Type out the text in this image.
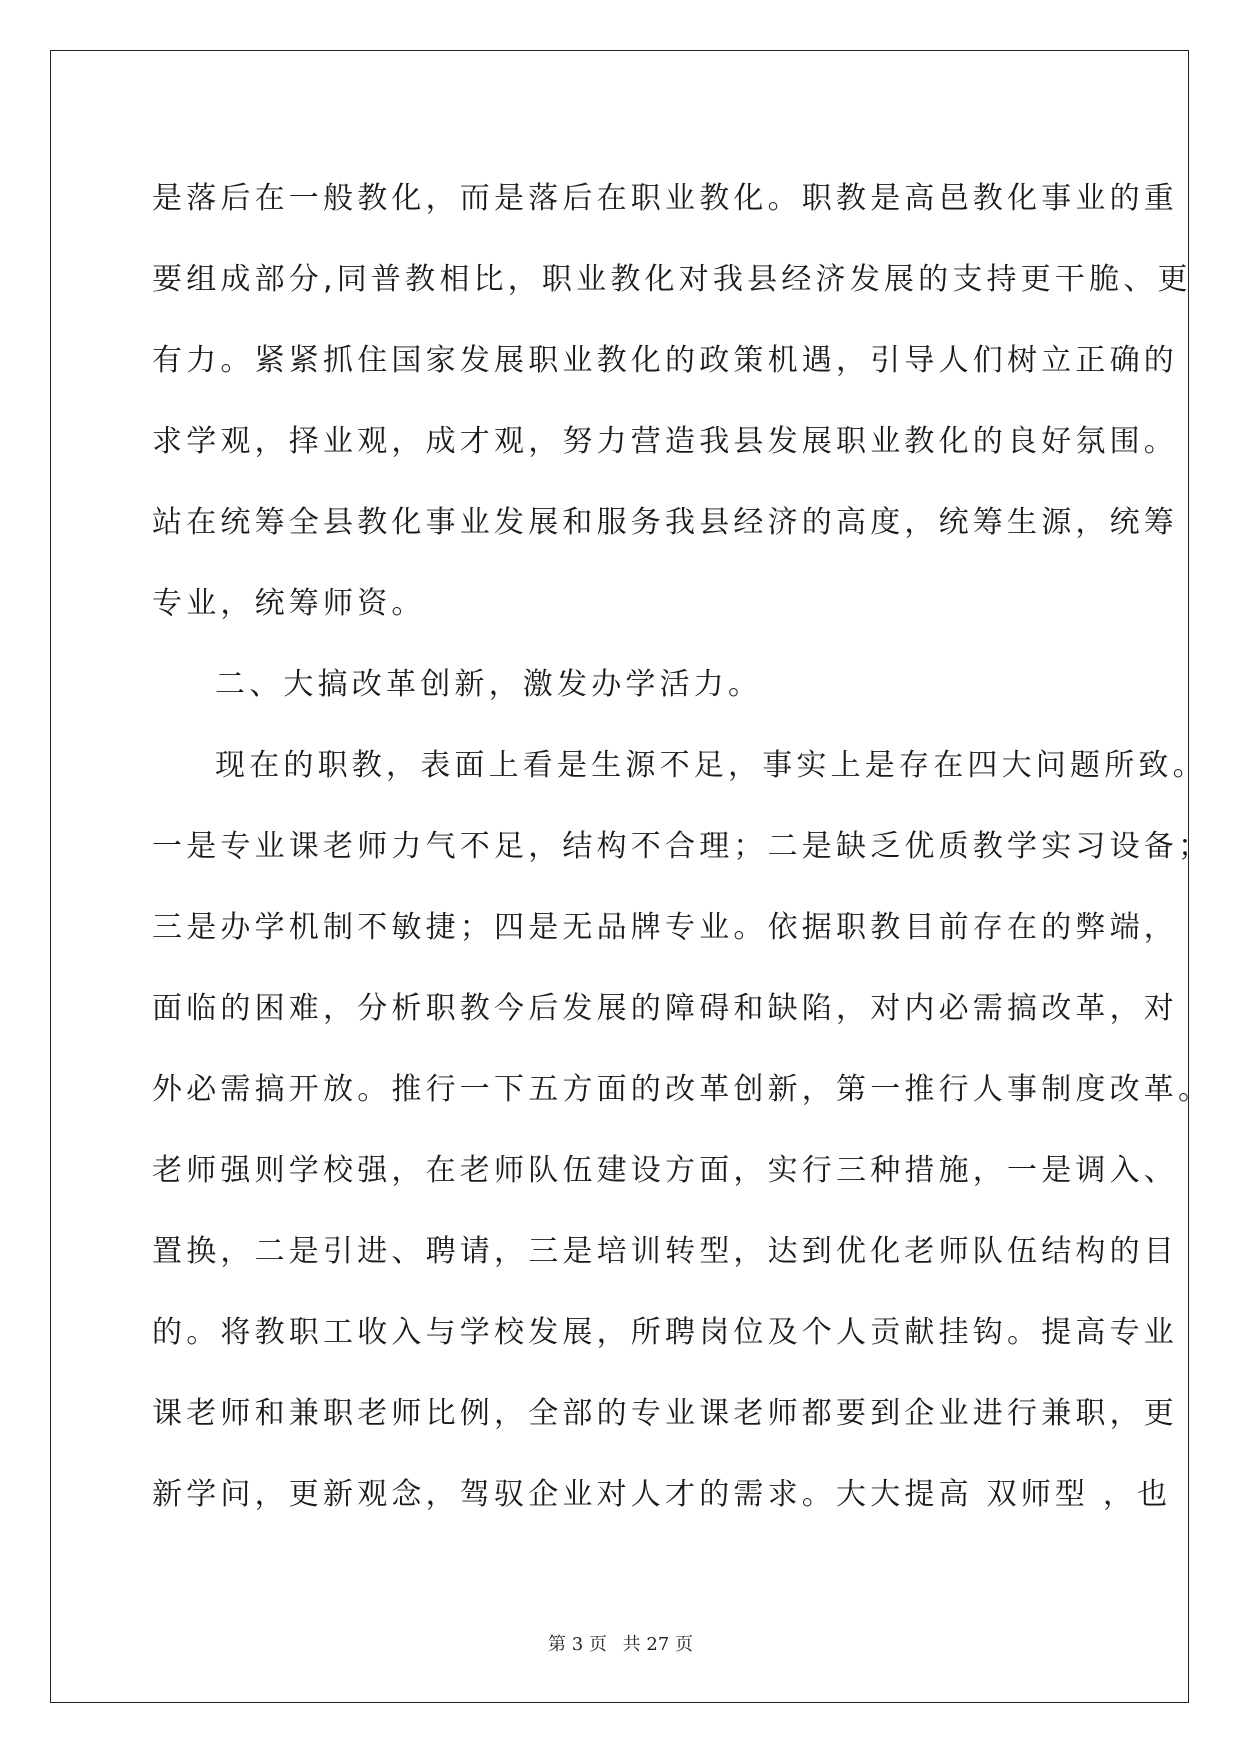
是落后在一般教化，而是落后在职业教化。职教是高邑教化事业的重
要组成部分,同普教相比，职业教化对我县经济发展的支持更干脆、更
有力。紧紧抓住国家发展职业教化的政策机遇，引导人们树立正确的
求学观，择业观，成才观，努力营造我县发展职业教化的良好氛围。
站在统筹全县教化事业发展和服务我县经济的高度，统筹生源，统筹
专业，统筹师资。
二、大搞改革创新，激发办学活力。
现在的职教，表面上看是生源不足，事实上是存在四大问题所致。
一是专业课老师力气不足，结构不合理；二是缺乏优质教学实习设备；
三是办学机制不敏捷；四是无品牌专业。依据职教目前存在的弊端，
面临的困难，分析职教今后发展的障碍和缺陷，对内必需搞改革，对
外必需搞开放。推行一下五方面的改革创新，第一推行人事制度改革。
老师强则学校强，在老师队伍建设方面，实行三种措施，一是调入、
置换，二是引进、聘请，三是培训转型，达到优化老师队伍结构的目
的。将教职工收入与学校发展，所聘岗位及个人贡献挂钩。提高专业
课老师和兼职老师比例，全部的专业课老师都要到企业进行兼职，更
新学问，更新观念，驾驭企业对人才的需求。大大提高 双师型 ，也
第 3 页 共 27 页
